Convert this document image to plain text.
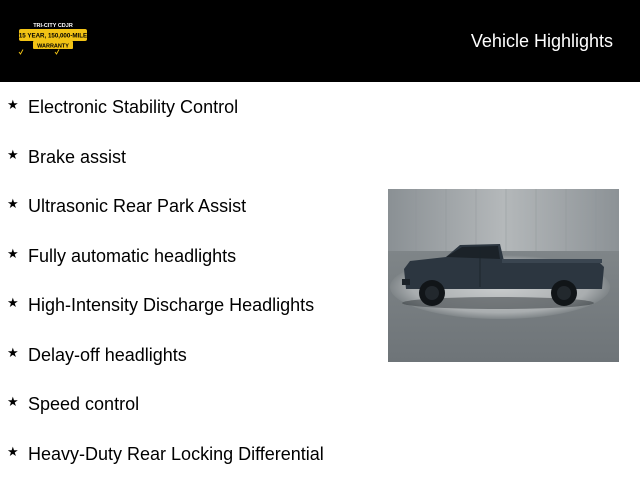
TRI-CITY CDJR
15 YEAR, 150,000-MILE
WARRANTY	Vehicle Highlights
★ Electronic Stability Control
★ Brake assist
★ Ultrasonic Rear Park Assist
★ Fully automatic headlights
★ High-Intensity Discharge Headlights
★ Delay-off headlights
★ Speed control
★ Heavy-Duty Rear Locking Differential
